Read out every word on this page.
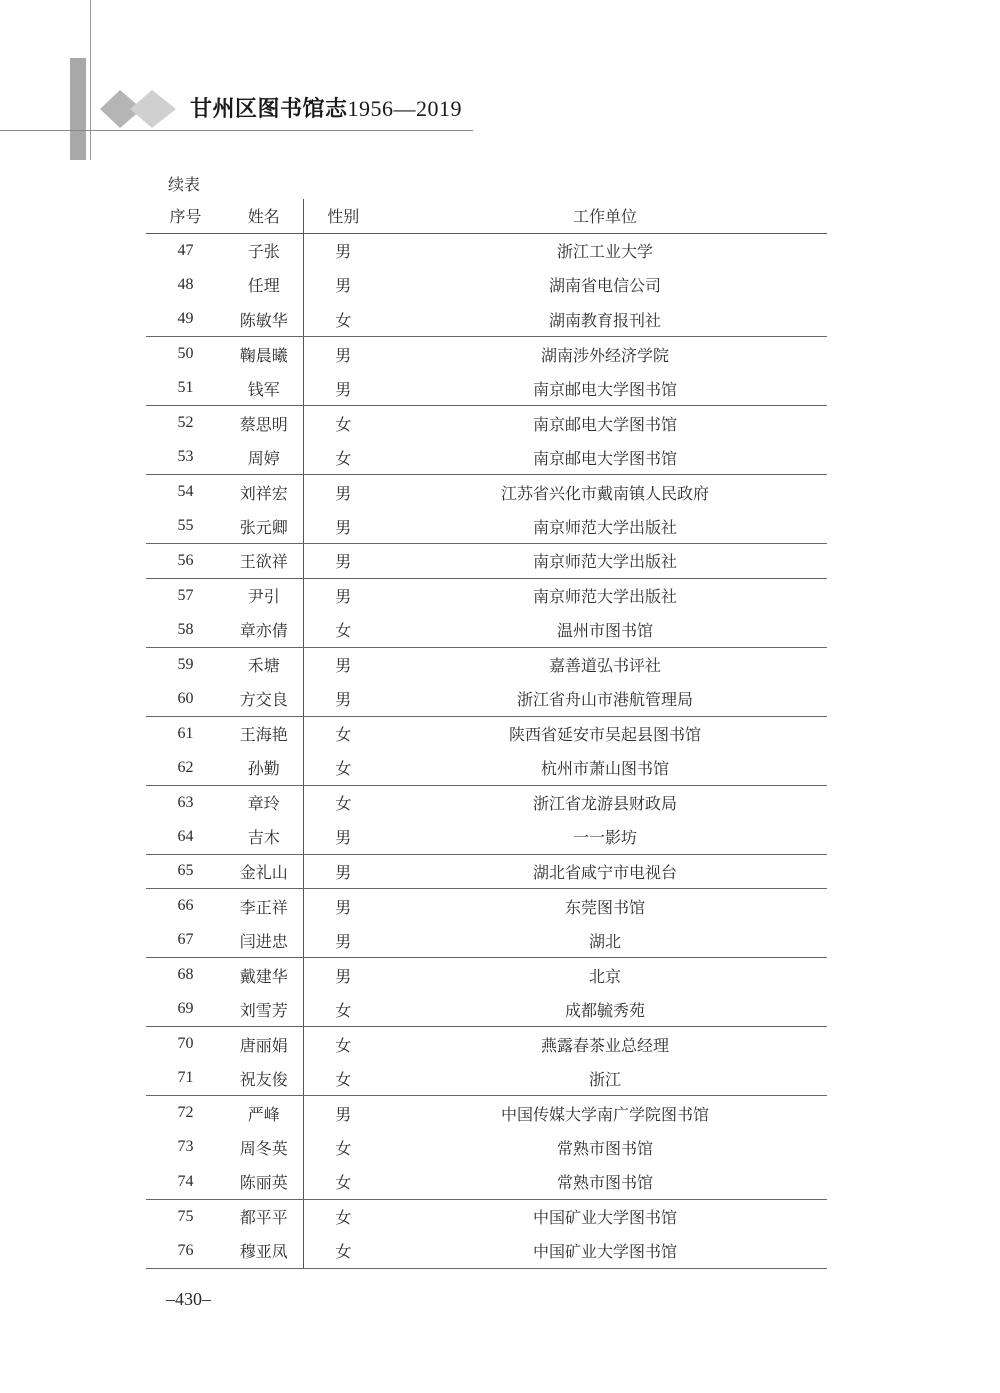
甘州区图书馆志1956—2019
续表
序号	姓名	性别	工作单位
47	子张	男	浙江工业大学
48	任理	男	湖南省电信公司
49	陈敏华	女	湖南教育报刊社
50	鞠晨曦	男	湖南涉外经济学院
51	钱军	男	南京邮电大学图书馆
52	蔡思明	女	南京邮电大学图书馆
53	周婷	女	南京邮电大学图书馆
54	刘祥宏	男	江苏省兴化市戴南镇人民政府
55	张元卿	男	南京师范大学出版社
56	王欲祥	男	南京师范大学出版社
57	尹引	男	南京师范大学出版社
58	章亦倩	女	温州市图书馆
59	禾塘	男	嘉善道弘书评社
60	方交良	男	浙江省舟山市港航管理局
61	王海艳	女	陕西省延安市吴起县图书馆
62	孙勤	女	杭州市萧山图书馆
63	章玲	女	浙江省龙游县财政局
64	吉木	男	一一影坊
65	金礼山	男	湖北省咸宁市电视台
66	李正祥	男	东莞图书馆
67	闫进忠	男	湖北
68	戴建华	男	北京
69	刘雪芳	女	成都毓秀苑
70	唐丽娟	女	燕露春茶业总经理
71	祝友俊	女	浙江
72	严峰	男	中国传媒大学南广学院图书馆
73	周冬英	女	常熟市图书馆
74	陈丽英	女	常熟市图书馆
75	都平平	女	中国矿业大学图书馆
76	穆亚凤	女	中国矿业大学图书馆
–430–
